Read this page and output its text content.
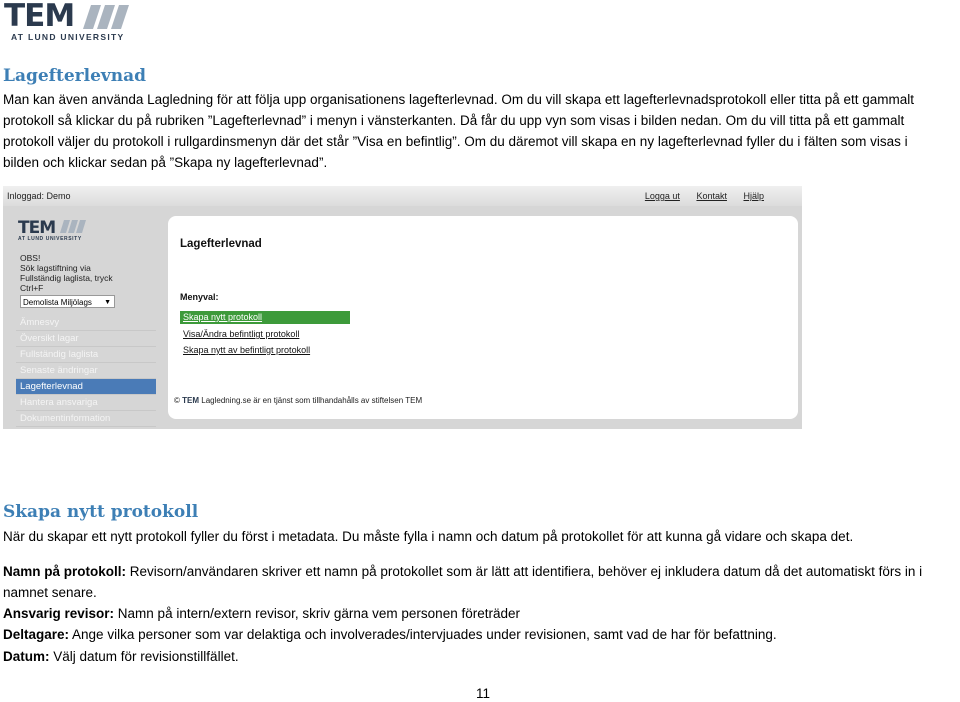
TEM
AT LUND UNIVERSITY
Lagefterlevnad

Man kan även använda Lagledning för att följa upp organisationens lagefterlevnad. Om du vill skapa ett lagefterlevnadsprotokoll eller titta på ett gammalt
protokoll så klickar du på rubriken ”Lagefterlevnad” i menyn i vänsterkanten. Då får du upp vyn som visas i bilden nedan. Om du vill titta på ett gammalt
protokoll väljer du protokoll i rullgardinsmenyn där det står ”Visa en befintlig”. Om du däremot vill skapa en ny lagefterlevnad fyller du i fälten som visas i
bilden och klickar sedan på ”Skapa ny lagefterlevnad”.

Inloggad: Demo	Logga ut Kontakt Hjälp
TEM
AT LUND UNIVERSITY
OBS!
Sök lagstiftning via
Fullständig laglista, tryck
Ctrl+F
Demolista Miljölags ▼
Ämnesvy
Översikt lagar
Fullständig laglista
Senaste ändringar
Lagefterlevnad
Hantera ansvariga
Dokumentinformation
Lagefterlevnad
Menyval:
Skapa nytt protokoll
Visa/Ändra befintligt protokoll
Skapa nytt av befintligt protokoll
© TEM Lagledning.se är en tjänst som tillhandahålls av stiftelsen TEM
Skapa nytt protokoll

När du skapar ett nytt protokoll fyller du först i metadata. Du måste fylla i namn och datum på protokollet för att kunna gå vidare och skapa det.

Namn på protokoll: Revisorn/användaren skriver ett namn på protokollet som är lätt att identifiera, behöver ej inkludera datum då det automatiskt förs in i

namnet senare.

Ansvarig revisor: Namn på intern/extern revisor, skriv gärna vem personen företräder

Deltagare: Ange vilka personer som var delaktiga och involverades/intervjuades under revisionen, samt vad de har för befattning.

Datum: Välj datum för revisionstillfället.

11
